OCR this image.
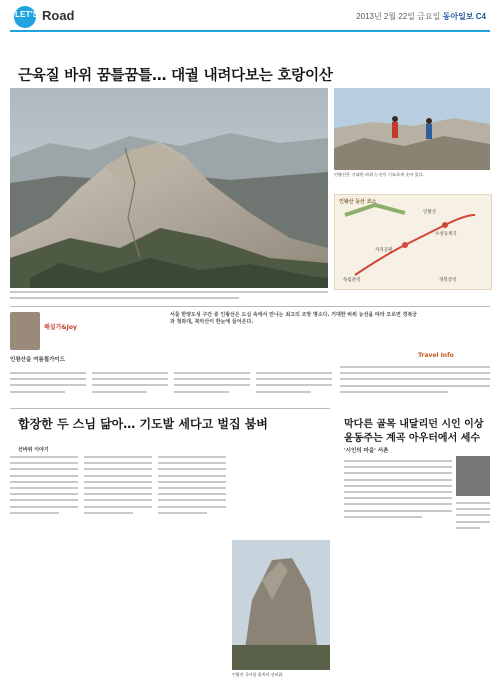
LET'S Road	2013년 2월 22일 금요일 동아일보 C4
근육질 바위 꿈틀꿈틀… 대궐 내려다보는 호랑이산
인왕산은 거대한 바위 능선이 기묘하게 솟아 있다.
인왕산 등산 코스
인왕산
수성동계곡
사직공원
독립문역	경복궁역
해설가&Joy
인왕산을 여름철가이드
서울 한양도성 구간 중 인왕산은 도심 속에서 만나는 최고의 조망 명소다. 거대한 바위 능선을 따라 오르면 경복궁과 청와대, 북악산이 한눈에 들어온다.
Travel Info
합장한 두 스님 닮아… 기도발 세다고 벌집 붐벼
선바위 이야기
인왕산 국사당 위쪽의 선바위.
막다른 골목 내달리던 시인 이상 윤동주는 계곡 아우터에서 세수
'시인의 마을' 서촌
